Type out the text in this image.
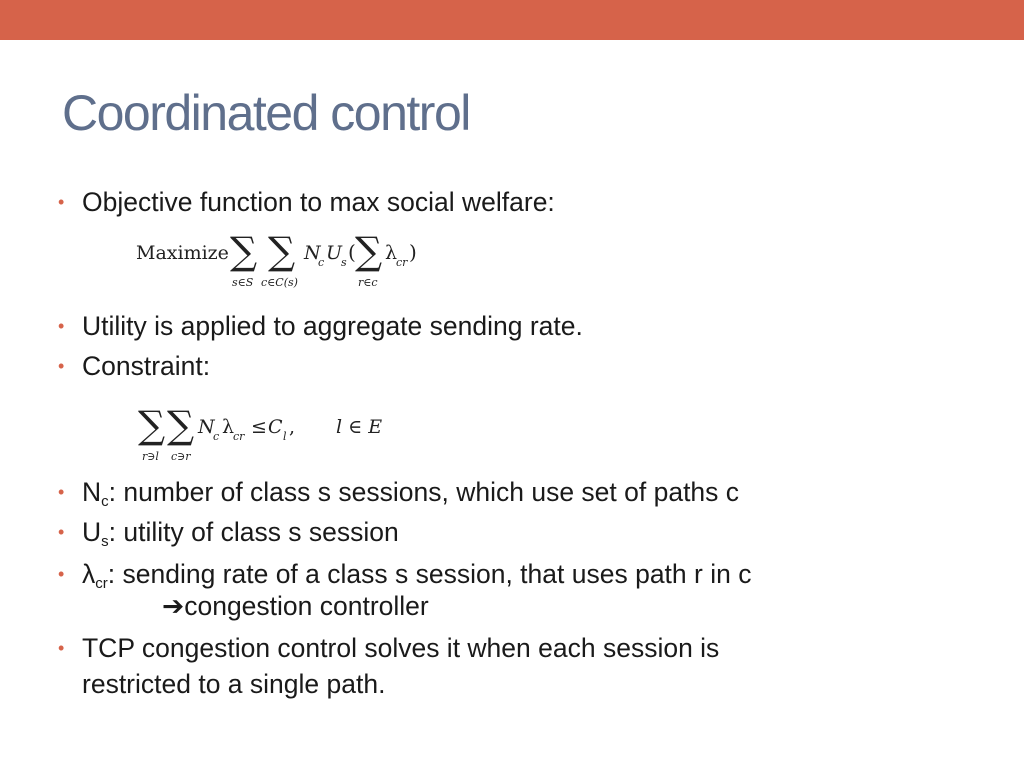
Coordinated control
• Objective function to max social welfare:
Maximize ∑
s∈S
∑
c∈C(s)
N
c U
s ( ∑
r∈c
λ
cr )
• Utility is applied to aggregate sending rate.
• Constraint:
∑
r∋l
∑
c∋r
N
c λ
cr ≤ C l , l ∈ E
• $N_c$: number of class s sessions, which use set of paths c
• $U_s$: utility of class s session
• $\lambda_{cr}$: sending rate of a class s session, that uses path r in c
➔congestion controller
• TCP congestion control solves it when each session is
restricted to a single path.
